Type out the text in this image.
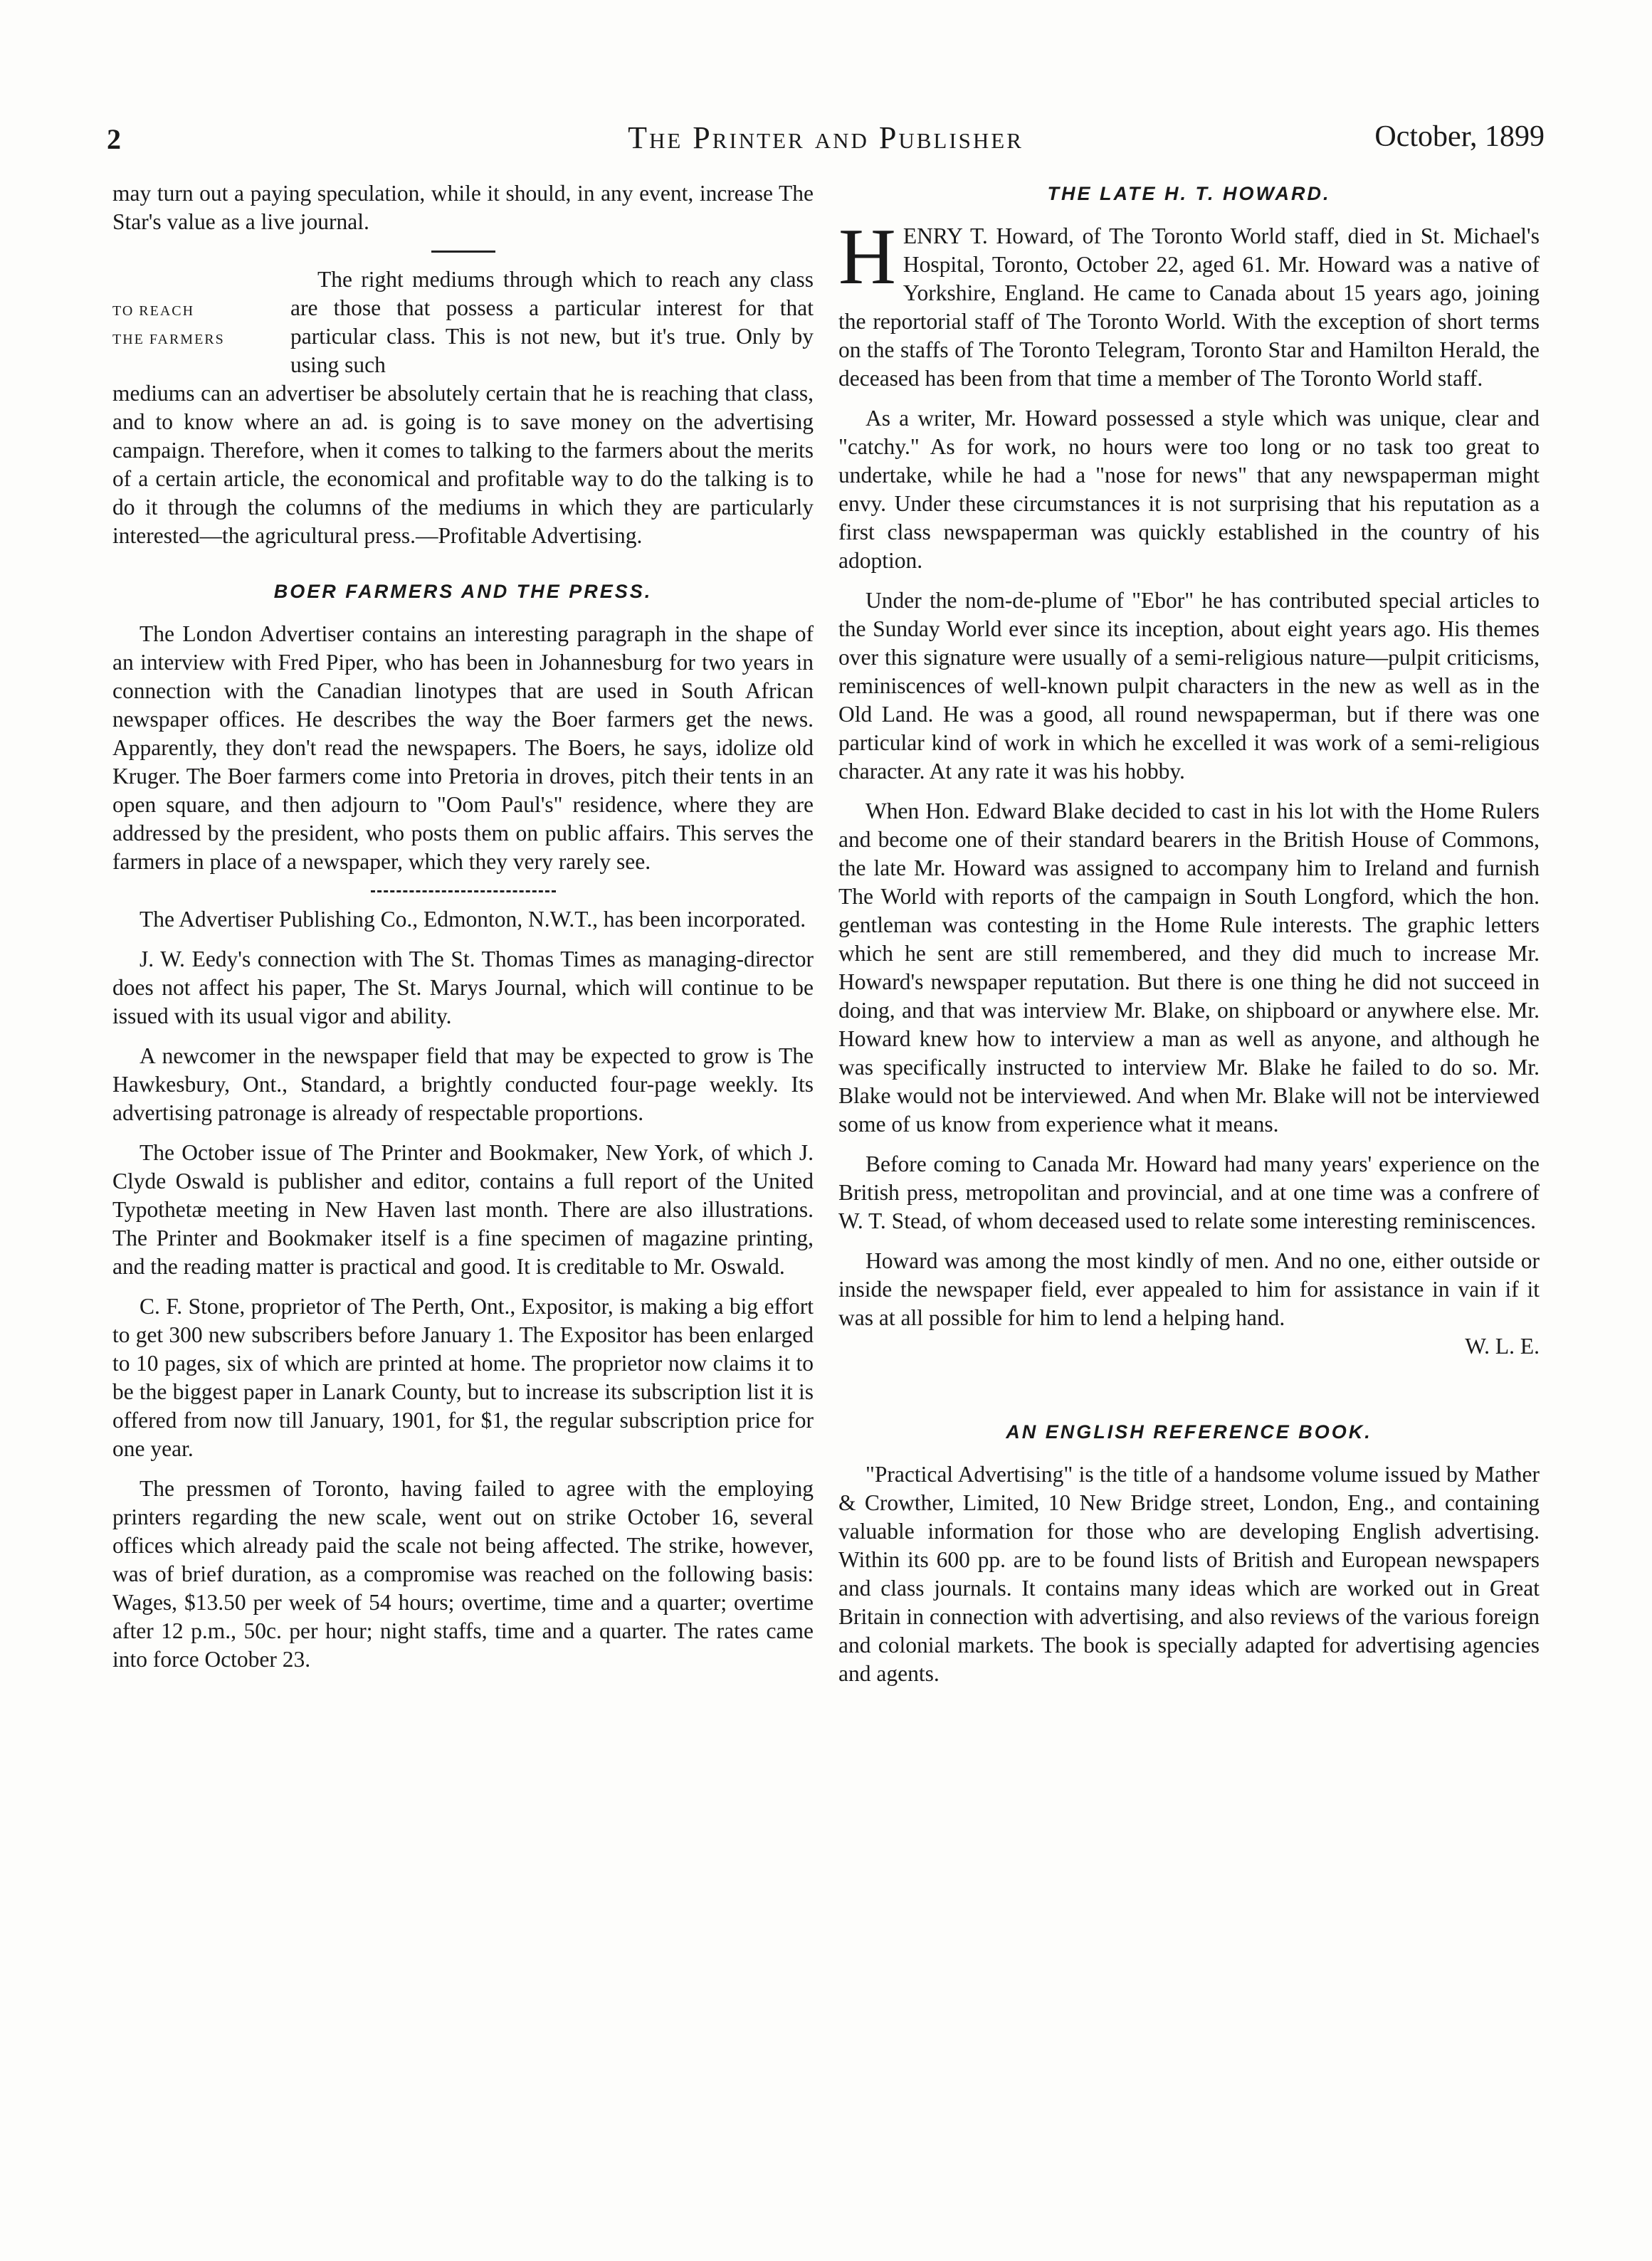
2	The Printer and Publisher	October, 1899

may turn out a paying speculation, while it should, in any event, increase The Star's value as a live journal.

TO REACH
THE FARMERS

The right mediums through which to reach any class are those that possess a particular interest for that particular class. This is not new, but it's true. Only by using such

mediums can an advertiser be absolutely certain that he is reaching that class, and to know where an ad. is going is to save money on the advertising campaign. Therefore, when it comes to talking to the farmers about the merits of a certain article, the economical and profitable way to do the talking is to do it through the columns of the mediums in which they are particularly interested—the agricultural press.—Profitable Advertising.

BOER FARMERS AND THE PRESS.

The London Advertiser contains an interesting paragraph in the shape of an interview with Fred Piper, who has been in Johannesburg for two years in connection with the Canadian linotypes that are used in South African newspaper offices. He describes the way the Boer farmers get the news. Apparently, they don't read the newspapers. The Boers, he says, idolize old Kruger. The Boer farmers come into Pretoria in droves, pitch their tents in an open square, and then adjourn to "Oom Paul's" residence, where they are addressed by the president, who posts them on public affairs. This serves the farmers in place of a newspaper, which they very rarely see.

The Advertiser Publishing Co., Edmonton, N.W.T., has been incorporated.

J. W. Eedy's connection with The St. Thomas Times as managing-director does not affect his paper, The St. Marys Journal, which will continue to be issued with its usual vigor and ability.

A newcomer in the newspaper field that may be expected to grow is The Hawkesbury, Ont., Standard, a brightly conducted four-page weekly. Its advertising patronage is already of respectable proportions.

The October issue of The Printer and Bookmaker, New York, of which J. Clyde Oswald is publisher and editor, contains a full report of the United Typothetæ meeting in New Haven last month. There are also illustrations. The Printer and Bookmaker itself is a fine specimen of magazine printing, and the reading matter is practical and good. It is creditable to Mr. Oswald.

C. F. Stone, proprietor of The Perth, Ont., Expositor, is making a big effort to get 300 new subscribers before January 1. The Expositor has been enlarged to 10 pages, six of which are printed at home. The proprietor now claims it to be the biggest paper in Lanark County, but to increase its subscription list it is offered from now till January, 1901, for $1, the regular subscription price for one year.

The pressmen of Toronto, having failed to agree with the employing printers regarding the new scale, went out on strike October 16, several offices which already paid the scale not being affected. The strike, however, was of brief duration, as a compromise was reached on the following basis: Wages, $13.50 per week of 54 hours; overtime, time and a quarter; overtime after 12 p.m., 50c. per hour; night staffs, time and a quarter. The rates came into force October 23.

THE LATE H. T. HOWARD.

HENRY T. Howard, of The Toronto World staff, died in St. Michael's Hospital, Toronto, October 22, aged 61. Mr. Howard was a native of Yorkshire, England. He came to Canada about 15 years ago, joining the reportorial staff of The Toronto World. With the exception of short terms on the staffs of The Toronto Telegram, Toronto Star and Hamilton Herald, the deceased has been from that time a member of The Toronto World staff.

As a writer, Mr. Howard possessed a style which was unique, clear and "catchy." As for work, no hours were too long or no task too great to undertake, while he had a "nose for news" that any newspaperman might envy. Under these circumstances it is not surprising that his reputation as a first class newspaperman was quickly established in the country of his adoption.

Under the nom-de-plume of "Ebor" he has contributed special articles to the Sunday World ever since its inception, about eight years ago. His themes over this signature were usually of a semi-religious nature—pulpit criticisms, reminiscences of well-known pulpit characters in the new as well as in the Old Land. He was a good, all round newspaperman, but if there was one particular kind of work in which he excelled it was work of a semi-religious character. At any rate it was his hobby.

When Hon. Edward Blake decided to cast in his lot with the Home Rulers and become one of their standard bearers in the British House of Commons, the late Mr. Howard was assigned to accompany him to Ireland and furnish The World with reports of the campaign in South Longford, which the hon. gentleman was contesting in the Home Rule interests. The graphic letters which he sent are still remembered, and they did much to increase Mr. Howard's newspaper reputation. But there is one thing he did not succeed in doing, and that was interview Mr. Blake, on shipboard or anywhere else. Mr. Howard knew how to interview a man as well as anyone, and although he was specifically instructed to interview Mr. Blake he failed to do so. Mr. Blake would not be interviewed. And when Mr. Blake will not be interviewed some of us know from experience what it means.

Before coming to Canada Mr. Howard had many years' experience on the British press, metropolitan and provincial, and at one time was a confrere of W. T. Stead, of whom deceased used to relate some interesting reminiscences.

Howard was among the most kindly of men. And no one, either outside or inside the newspaper field, ever appealed to him for assistance in vain if it was at all possible for him to lend a helping hand.

W. L. E.
AN ENGLISH REFERENCE BOOK.

"Practical Advertising" is the title of a handsome volume issued by Mather & Crowther, Limited, 10 New Bridge street, London, Eng., and containing valuable information for those who are developing English advertising. Within its 600 pp. are to be found lists of British and European newspapers and class journals. It contains many ideas which are worked out in Great Britain in connection with advertising, and also reviews of the various foreign and colonial markets. The book is specially adapted for advertising agencies and agents.
